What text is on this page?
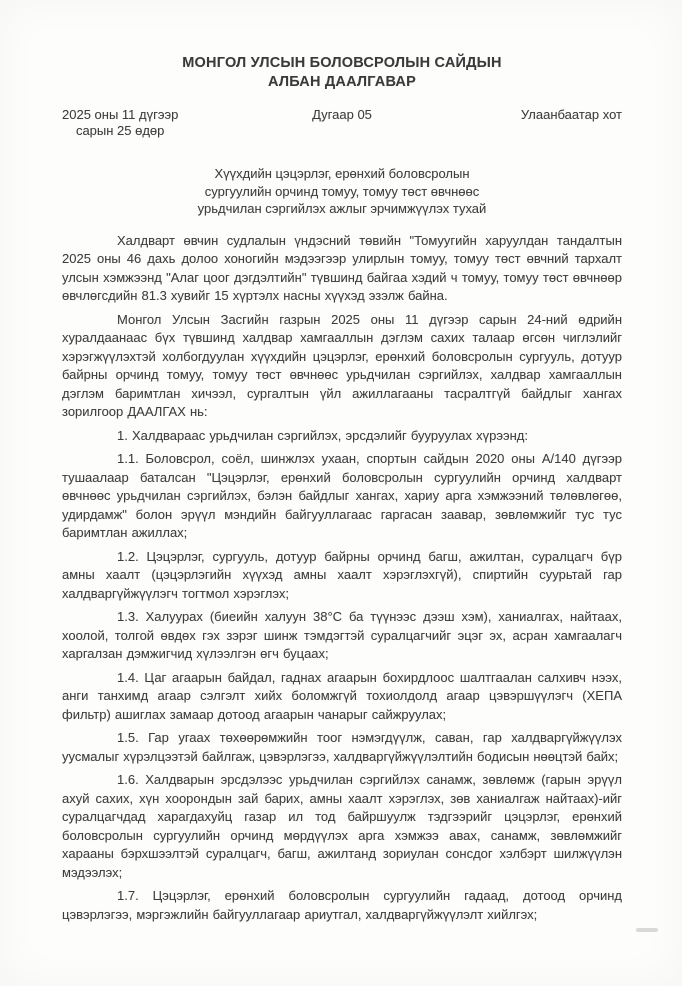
МОНГОЛ УЛСЫН БОЛОВСРОЛЫН САЙДЫН
АЛБАН ДААЛГАВАР
2025 оны 11 дүгээр
сарын 25 өдөр
Дугаар 05	Улаанбаатар хот
Хүүхдийн цэцэрлэг, ерөнхий боловсролын
сургуулийн орчинд томуу, томуу төст өвчнөөс
урьдчилан сэргийлэх ажлыг эрчимжүүлэх тухай

Халдварт өвчин судлалын үндэсний төвийн "Томуугийн харуулдан тандалтын 2025 оны 46 дахь долоо хоногийн мэдээгээр улирлын томуу, томуу төст өвчний тархалт улсын хэмжээнд "Алаг цоог дэгдэлтийн" түвшинд байгаа хэдий ч томуу, томуу төст өвчнөөр өвчлөгсдийн 81.3 хувийг 15 хүртэлх насны хүүхэд эзэлж байна.

Монгол Улсын Засгийн газрын 2025 оны 11 дүгээр сарын 24-ний өдрийн хуралдаанаас бүх түвшинд халдвар хамгааллын дэглэм сахих талаар өгсөн чиглэлийг хэрэгжүүлэхтэй холбогдуулан хүүхдийн цэцэрлэг, ерөнхий боловсролын сургууль, дотуур байрны орчинд томуу, томуу төст өвчнөөс урьдчилан сэргийлэх, халдвар хамгааллын дэглэм баримтлан хичээл, сургалтын үйл ажиллагааны тасралтгүй байдлыг хангах зорилгоор ДААЛГАХ нь:

1. Халдвараас урьдчилан сэргийлэх, эрсдэлийг бууруулах хүрээнд:

1.1. Боловсрол, соёл, шинжлэх ухаан, спортын сайдын 2020 оны А/140 дүгээр тушаалаар баталсан "Цэцэрлэг, ерөнхий боловсролын сургуулийн орчинд халдварт өвчнөөс урьдчилан сэргийлэх, бэлэн байдлыг хангах, хариу арга хэмжээний төлөвлөгөө, удирдамж" болон эрүүл мэндийн байгууллагаас гаргасан заавар, зөвлөмжийг тус тус баримтлан ажиллах;

1.2. Цэцэрлэг, сургууль, дотуур байрны орчинд багш, ажилтан, суралцагч бүр амны хаалт (цэцэрлэгийн хүүхэд амны хаалт хэрэглэхгүй), спиртийн суурьтай гар халдваргүйжүүлэгч тогтмол хэрэглэх;

1.3. Халуурах (биеийн халуун 38°С ба түүнээс дээш хэм), ханиалгах, найтаах, хоолой, толгой өвдөх гэх зэрэг шинж тэмдэгтэй суралцагчийг эцэг эх, асран хамгаалагч харгалзан дэмжигчид хүлээлгэн өгч буцаах;

1.4. Цаг агаарын байдал, гаднах агаарын бохирдлоос шалтгаалан салхивч нээх, анги танхимд агаар сэлгэлт хийх боломжгүй тохиолдолд агаар цэвэршүүлэгч (ХЕПА фильтр) ашиглах замаар дотоод агаарын чанарыг сайжруулах;

1.5. Гар угаах төхөөрөмжийн тоог нэмэгдүүлж, саван, гар халдваргүйжүүлэх уусмалыг хүрэлцээтэй байлгаж, цэвэрлэгээ, халдваргүйжүүлэлтийн бодисын нөөцтэй байх;

1.6. Халдварын эрсдэлээс урьдчилан сэргийлэх санамж, зөвлөмж (гарын эрүүл ахуй сахих, хүн хоорондын зай барих, амны хаалт хэрэглэх, зөв ханиалгаж найтаах)-ийг суралцагчдад харагдахуйц газар ил тод байршуулж тэдгээрийг цэцэрлэг, ерөнхий боловсролын сургуулийн орчинд мөрдүүлэх арга хэмжээ авах, санамж, зөвлөмжийг харааны бэрхшээлтэй суралцагч, багш, ажилтанд зориулан сонсдог хэлбэрт шилжүүлэн мэдээлэх;

1.7. Цэцэрлэг, ерөнхий боловсролын сургуулийн гадаад, дотоод орчинд цэвэрлэгээ, мэргэжлийн байгууллагаар ариутгал, халдваргүйжүүлэлт хийлгэх;
